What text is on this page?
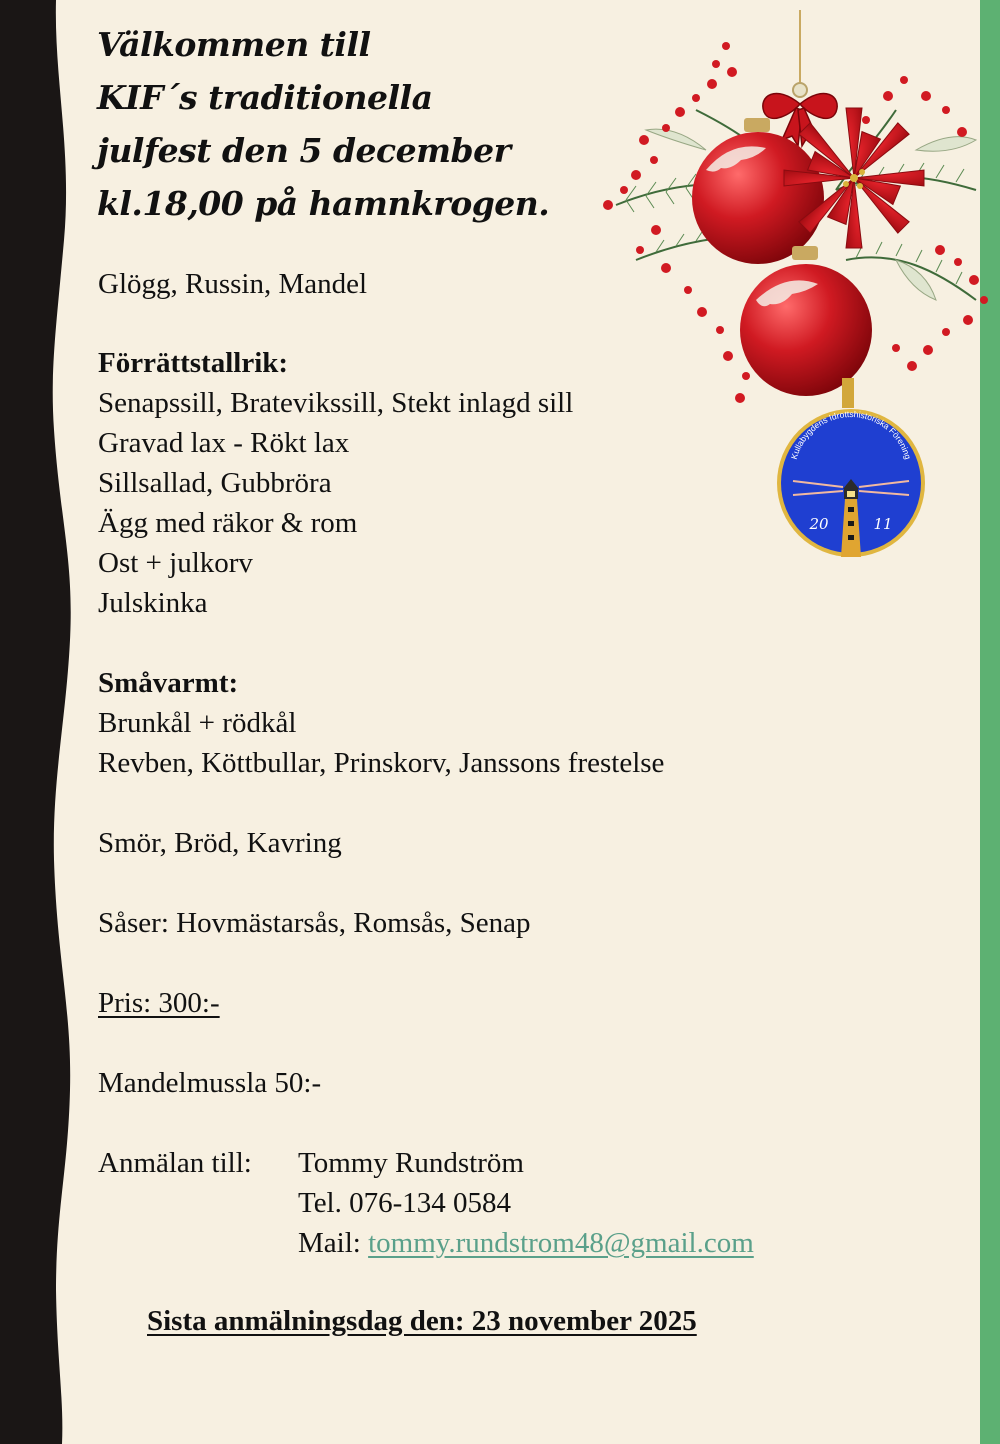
Välkommen till
KIF´s traditionella
julfest den 5 december
kl.18,00 på hamnkrogen.
Kullabygdens Idrottshistoriska Förening
20	11
Glögg, Russin, Mandel
Förrättstallrik:
Senapssill, Bratevikssill, Stekt inlagd sill
Gravad lax - Rökt lax
Sillsallad, Gubbröra
Ägg med räkor & rom
Ost + julkorv
Julskinka
Småvarmt:
Brunkål + rödkål
Revben, Köttbullar, Prinskorv, Janssons frestelse
Smör, Bröd, Kavring
Såser: Hovmästarsås, Romsås, Senap
Pris: 300:-
Mandelmussla 50:-
Anmälan till: Tommy Rundström
Tel. 076-134 0584
Mail: tommy.rundstrom48@gmail.com
Sista anmälningsdag den: 23 november 2025
